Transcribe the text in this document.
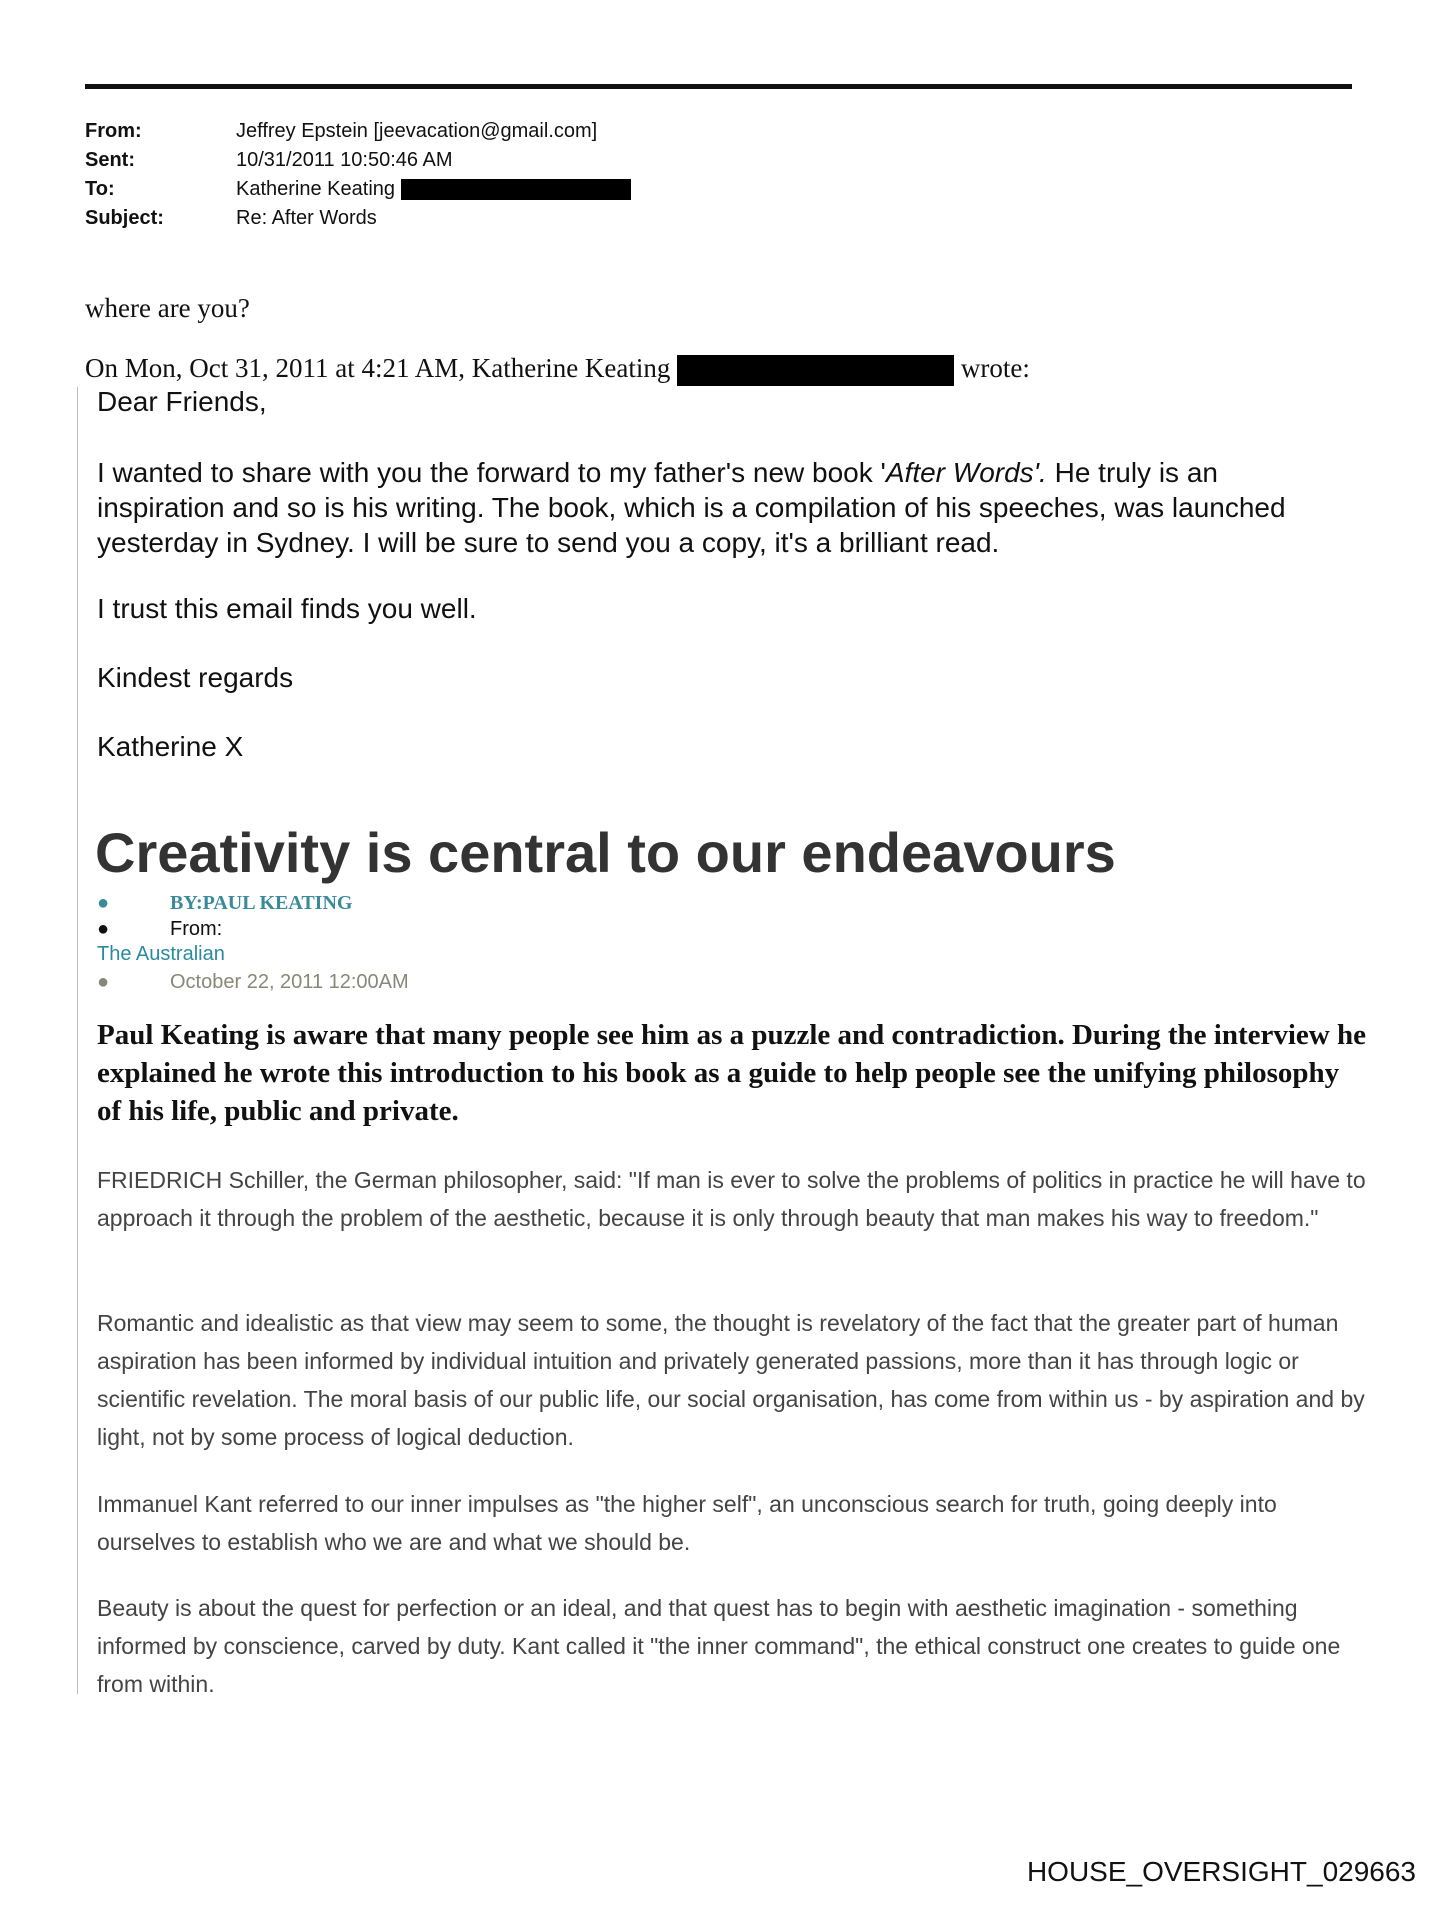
From:	Jeffrey Epstein [jeevacation@gmail.com]
Sent:	10/31/2011 10:50:46 AM
To:	Katherine Keating
Subject:	Re: After Words
where are you?
On Mon, Oct 31, 2011 at 4:21 AM, Katherine Keating	wrote:
Dear Friends,
I wanted to share with you the forward to my father's new book 'After Words'. He truly is an inspiration and so is his writing. The book, which is a compilation of his speeches, was launched yesterday in Sydney. I will be sure to send you a copy, it's a brilliant read.
I trust this email finds you well.
Kindest regards
Katherine X
Creativity is central to our endeavours
●	BY:PAUL KEATING
●	From:
The Australian
●	October 22, 2011 12:00AM
Paul Keating is aware that many people see him as a puzzle and contradiction. During the interview he explained he wrote this introduction to his book as a guide to help people see the unifying philosophy of his life, public and private.
FRIEDRICH Schiller, the German philosopher, said: "If man is ever to solve the problems of politics in practice he will have to approach it through the problem of the aesthetic, because it is only through beauty that man makes his way to freedom."
Romantic and idealistic as that view may seem to some, the thought is revelatory of the fact that the greater part of human aspiration has been informed by individual intuition and privately generated passions, more than it has through logic or scientific revelation. The moral basis of our public life, our social organisation, has come from within us - by aspiration and by light, not by some process of logical deduction.
Immanuel Kant referred to our inner impulses as "the higher self", an unconscious search for truth, going deeply into ourselves to establish who we are and what we should be.
Beauty is about the quest for perfection or an ideal, and that quest has to begin with aesthetic imagination - something informed by conscience, carved by duty. Kant called it "the inner command", the ethical construct one creates to guide one from within.
HOUSE_OVERSIGHT_029663
